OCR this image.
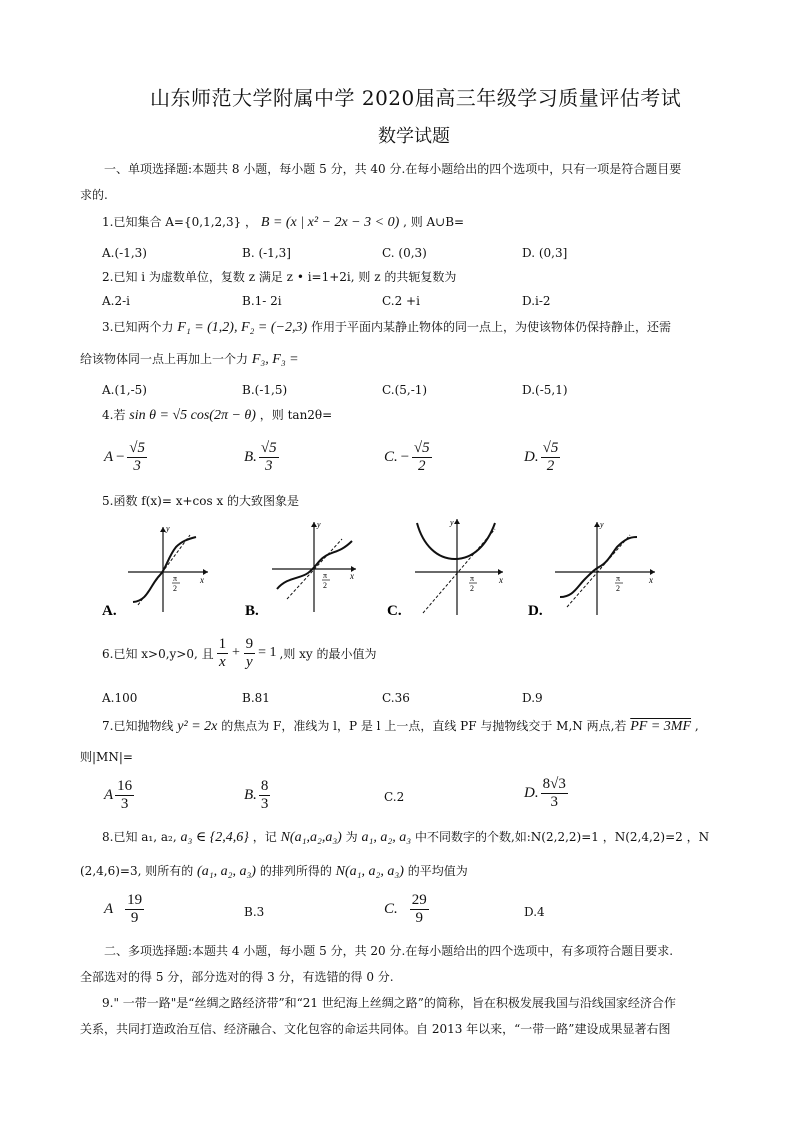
山东师范大学附属中学 2020届高三年级学习质量评估考试
数学试题
一、单项选择题:本题共 8 小题，每小题 5 分，共 40 分.在每小题给出的四个选项中，只有一项是符合题目要
求的.
1.已知集合 A={0,1,2,3} ， B = (x | x² − 2x − 3 < 0) , 则 A∪B=
A.(-1,3)	B. (-1,3]	C. (0,3)	D. (0,3]
2.已知 i 为虚数单位，复数 z 满足 z • i=1+2i, 则 z 的共轭复数为
A.2-i	B.1- 2i	C.2 +i	D.i-2
3.已知两个力 F₁ = (1,2), F₂ = (−2,3) 作用于平面内某静止物体的同一点上，为使该物体仍保持静止，还需
给该物体同一点上再加上一个力 F₃, F₃ =
A.(1,-5)	B.(-1,5)	C.(5,-1)	D.(-5,1)
4.若 sin θ = √5 cos(2π − θ) ，则 tan2θ=
$A - \frac{√5}{3}$	B. $\frac{√5}{3}$	C. − $\frac{√5}{2}$	D. $\frac{√5}{2}$
5.函数 f(x)= x+cos x 的大致图象是
x
y
π
2
A.
x
y
π
2
B.
x
y
π
2
C.
x
y
π
2
D.
6.已知 x>0,y>0, 且 $\frac{1}{x} + \frac{9}{y} = 1$ ,则 xy 的最小值为
A.100	B.81	C.36	D.9
7.已知抛物线 y² = 2x 的焦点为 F，准线为 l，P 是 l 上一点，直线 PF 与抛物线交于 M,N 两点,若 PF = 3MF ,
则|MN|=
A $\frac{16}{3}$	B. $\frac{8}{3}$	C.2	D. $\frac{8√3}{3}$
8.已知 a₁, a₂, a₃ ∈ {2,4,6} ，记 N(a₁,a₂,a₃) 为 a₁, a₂, a₃ 中不同数字的个数,如:N(2,2,2)=1 ，N(2,4,2)=2 ，N
(2,4,6)=3, 则所有的 (a₁, a₂, a₃) 的排列所得的 N(a₁, a₂, a₃) 的平均值为
A $\frac{19}{9}$	B.3	C. $\frac{29}{9}$	D.4
二、多项选择题:本题共 4 小题，每小题 5 分，共 20 分.在每小题给出的四个选项中，有多项符合题目要求.
全部选对的得 5 分，部分选对的得 3 分，有选错的得 0 分.
9." 一带一路"是“丝绸之路经济带”和“21 世纪海上丝绸之路”的简称，旨在积极发展我国与沿线国家经济合作
关系，共同打造政治互信、经济融合、文化包容的命运共同体。自 2013 年以来，“一带一路”建设成果显著右图
